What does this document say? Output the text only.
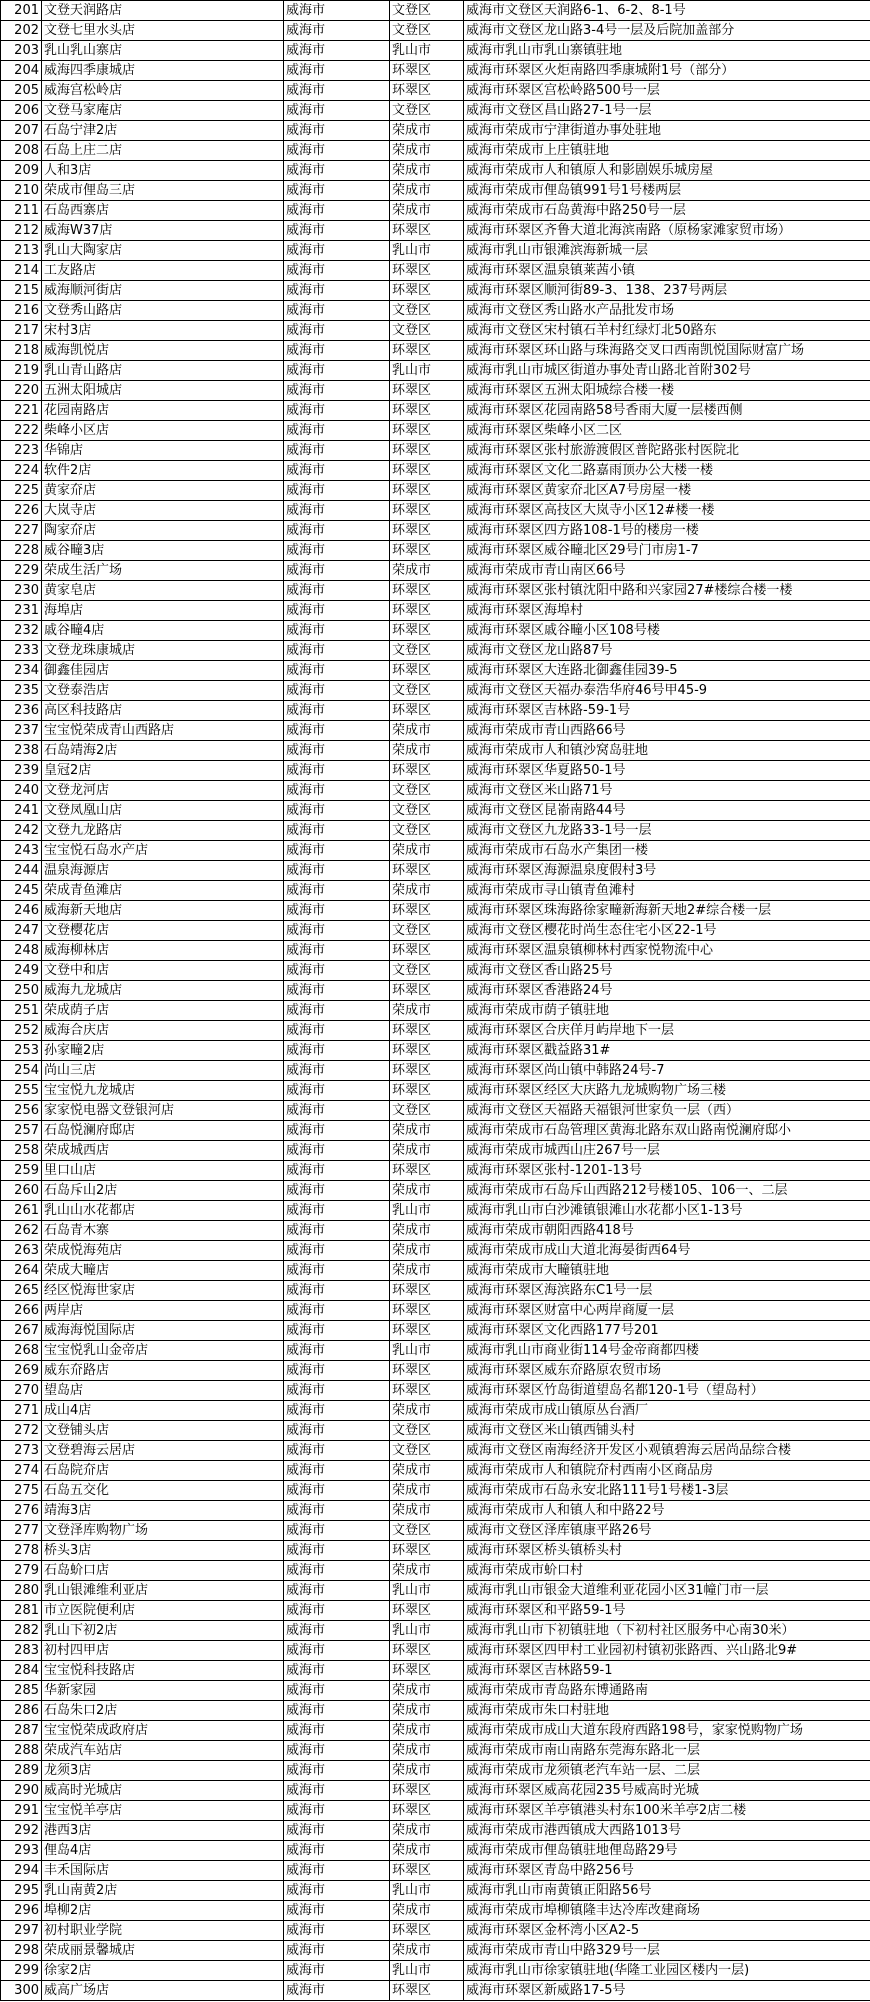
201	文登天润路店	威海市	文登区	威海市文登区天润路6-1、6-2、8-1号
202	文登七里水头店	威海市	文登区	威海市文登区龙山路3-4号一层及后院加盖部分
203	乳山乳山寨店	威海市	乳山市	威海市乳山市乳山寨镇驻地
204	威海四季康城店	威海市	环翠区	威海市环翠区火炬南路四季康城附1号（部分）
205	威海宫松岭店	威海市	环翠区	威海市环翠区宫松岭路500号一层
206	文登马家庵店	威海市	文登区	威海市文登区昌山路27-1号一层
207	石岛宁津2店	威海市	荣成市	威海市荣成市宁津街道办事处驻地
208	石岛上庄二店	威海市	荣成市	威海市荣成市上庄镇驻地
209	人和3店	威海市	荣成市	威海市荣成市人和镇原人和影剧娱乐城房屋
210	荣成市俚岛三店	威海市	荣成市	威海市荣成市俚岛镇991号1号楼两层
211	石岛西寨店	威海市	荣成市	威海市荣成市石岛黄海中路250号一层
212	威海W37店	威海市	环翠区	威海市环翠区齐鲁大道北海滨南路（原杨家滩家贸市场）
213	乳山大陶家店	威海市	乳山市	威海市乳山市银滩滨海新城一层
214	工友路店	威海市	环翠区	威海市环翠区温泉镇莱茜小镇
215	威海顺河街店	威海市	环翠区	威海市环翠区顺河街89-3、138、237号两层
216	文登秀山路店	威海市	文登区	威海市文登区秀山路水产品批发市场
217	宋村3店	威海市	文登区	威海市文登区宋村镇石羊村红绿灯北50路东
218	威海凯悦店	威海市	环翠区	威海市环翠区环山路与珠海路交叉口西南凯悦国际财富广场
219	乳山青山路店	威海市	乳山市	威海市乳山市城区街道办事处青山路北首附302号
220	五洲太阳城店	威海市	环翠区	威海市环翠区五洲太阳城综合楼一楼
221	花园南路店	威海市	环翠区	威海市环翠区花园南路58号香雨大厦一层楼西侧
222	柴峰小区店	威海市	环翠区	威海市环翠区柴峰小区二区
223	华锦店	威海市	环翠区	威海市环翠区张村旅游渡假区普陀路张村医院北
224	软件2店	威海市	环翠区	威海市环翠区文化二路嘉雨顶办公大楼一楼
225	黄家夼店	威海市	环翠区	威海市环翠区黄家夼北区A7号房屋一楼
226	大岚寺店	威海市	环翠区	威海市环翠区高技区大岚寺小区12#楼一楼
227	陶家夼店	威海市	环翠区	威海市环翠区四方路108-1号的楼房一楼
228	威谷疃3店	威海市	环翠区	威海市环翠区威谷疃北区29号门市房1-7
229	荣成生活广场	威海市	荣成市	威海市荣成市青山南区66号
230	黄家皂店	威海市	环翠区	威海市环翠区张村镇沈阳中路和兴家园27#楼综合楼一楼
231	海埠店	威海市	环翠区	威海市环翠区海埠村
232	戚谷疃4店	威海市	环翠区	威海市环翠区戚谷疃小区108号楼
233	文登龙珠康城店	威海市	文登区	威海市文登区龙山路87号
234	御鑫佳园店	威海市	环翠区	威海市环翠区大连路北御鑫佳园39-5
235	文登泰浩店	威海市	文登区	威海市文登区天福办泰浩华府46号甲45-9
236	高区科技路店	威海市	环翠区	威海市环翠区吉林路-59-1号
237	宝宝悦荣成青山西路店	威海市	荣成市	威海市荣成市青山西路66号
238	石岛靖海2店	威海市	荣成市	威海市荣成市人和镇沙窝岛驻地
239	皇冠2店	威海市	环翠区	威海市环翠区华夏路50-1号
240	文登龙河店	威海市	文登区	威海市文登区米山路71号
241	文登凤凰山店	威海市	文登区	威海市文登区昆嵛南路44号
242	文登九龙路店	威海市	文登区	威海市文登区九龙路33-1号一层
243	宝宝悦石岛水产店	威海市	荣成市	威海市荣成市石岛水产集团一楼
244	温泉海源店	威海市	环翠区	威海市环翠区海源温泉度假村3号
245	荣成青鱼滩店	威海市	荣成市	威海市荣成市寻山镇青鱼滩村
246	威海新天地店	威海市	环翠区	威海市环翠区珠海路徐家疃新海新天地2#综合楼一层
247	文登樱花店	威海市	文登区	威海市文登区樱花时尚生态住宅小区22-1号
248	威海柳林店	威海市	环翠区	威海市环翠区温泉镇柳林村西家悦物流中心
249	文登中和店	威海市	文登区	威海市文登区香山路25号
250	威海九龙城店	威海市	环翠区	威海市环翠区香港路24号
251	荣成荫子店	威海市	荣成市	威海市荣成市荫子镇驻地
252	威海合庆店	威海市	环翠区	威海市环翠区合庆佯月屿岸地下一层
253	孙家疃2店	威海市	环翠区	威海市环翠区戳益路31#
254	尚山三店	威海市	环翠区	威海市环翠区尚山镇中韩路24号-7
255	宝宝悦九龙城店	威海市	环翠区	威海市环翠区经区大庆路九龙城购物广场三楼
256	家家悦电器文登银河店	威海市	文登区	威海市文登区天福路天福银河世家负一层（西）
257	石岛悦澜府邸店	威海市	荣成市	威海市荣成市石岛管理区黄海北路东双山路南悦澜府邸小
258	荣成城西店	威海市	荣成市	威海市荣成市城西山庄267号一层
259	里口山店	威海市	环翠区	威海市环翠区张村-1201-13号
260	石岛斥山2店	威海市	荣成市	威海市荣成市石岛斥山西路212号楼105、106一、二层
261	乳山山水花都店	威海市	乳山市	威海市乳山市白沙滩镇银滩山水花都小区1-13号
262	石岛青木寨	威海市	荣成市	威海市荣成市朝阳西路418号
263	荣成悦海苑店	威海市	荣成市	威海市荣成市成山大道北海晏街西64号
264	荣成大疃店	威海市	荣成市	威海市荣成市大疃镇驻地
265	经区悦海世家店	威海市	环翠区	威海市环翠区海滨路东C1号一层
266	两岸店	威海市	环翠区	威海市环翠区财富中心两岸商厦一层
267	威海海悦国际店	威海市	环翠区	威海市环翠区文化西路177号201
268	宝宝悦乳山金帝店	威海市	乳山市	威海市乳山市商业街114号金帝商都四楼
269	威东夼路店	威海市	环翠区	威海市环翠区威东夼路原农贸市场
270	望岛店	威海市	环翠区	威海市环翠区竹岛街道望岛名都120-1号（望岛村）
271	成山4店	威海市	荣成市	威海市荣成市成山镇原丛台酒厂
272	文登铺头店	威海市	文登区	威海市文登区米山镇西铺头村
273	文登碧海云居店	威海市	文登区	威海市文登区南海经济开发区小观镇碧海云居尚品综合楼
274	石岛院夼店	威海市	荣成市	威海市荣成市人和镇院夼村西南小区商品房
275	石岛五交化	威海市	荣成市	威海市荣成市石岛永安北路111号1号楼1-3层
276	靖海3店	威海市	荣成市	威海市荣成市人和镇人和中路22号
277	文登泽库购物广场	威海市	文登区	威海市文登区泽库镇康平路26号
278	桥头3店	威海市	环翠区	威海市环翠区桥头镇桥头村
279	石岛蚧口店	威海市	荣成市	威海市荣成市蚧口村
280	乳山银滩维利亚店	威海市	乳山市	威海市乳山市银金大道维利亚花园小区31幢门市一层
281	市立医院便利店	威海市	环翠区	威海市环翠区和平路59-1号
282	乳山下初2店	威海市	乳山市	威海市乳山市下初镇驻地（下初村社区服务中心南30米）
283	初村四甲店	威海市	环翠区	威海市环翠区四甲村工业园初村镇初张路西、兴山路北9#
284	宝宝悦科技路店	威海市	环翠区	威海市环翠区吉林路59-1
285	华新家园	威海市	荣成市	威海市荣成市青岛路东博通路南
286	石岛朱口2店	威海市	荣成市	威海市荣成市朱口村驻地
287	宝宝悦荣成政府店	威海市	荣成市	威海市荣成市成山大道东段府西路198号，家家悦购物广场
288	荣成汽车站店	威海市	荣成市	威海市荣成市南山南路东莞海东路北一层
289	龙须3店	威海市	荣成市	威海市荣成市龙须镇老汽车站一层、二层
290	威高时光城店	威海市	环翠区	威海市环翠区威高花园235号威高时光城
291	宝宝悦羊亭店	威海市	环翠区	威海市环翠区羊亭镇港头村东100米羊亭2店二楼
292	港西3店	威海市	荣成市	威海市荣成市港西镇成大西路1013号
293	俚岛4店	威海市	荣成市	威海市荣成市俚岛镇驻地俚岛路29号
294	丰禾国际店	威海市	环翠区	威海市环翠区青岛中路256号
295	乳山南黄2店	威海市	乳山市	威海市乳山市南黄镇正阳路56号
296	埠柳2店	威海市	荣成市	威海市荣成市埠柳镇隆丰达冷库改建商场
297	初村职业学院	威海市	环翠区	威海市环翠区金杯湾小区A2-5
298	荣成丽景馨城店	威海市	荣成市	威海市荣成市青山中路329号一层
299	徐家2店	威海市	乳山市	威海市乳山市徐家镇驻地(华隆工业园区楼内一层)
300	威高广场店	威海市	环翠区	威海市环翠区新威路17-5号
